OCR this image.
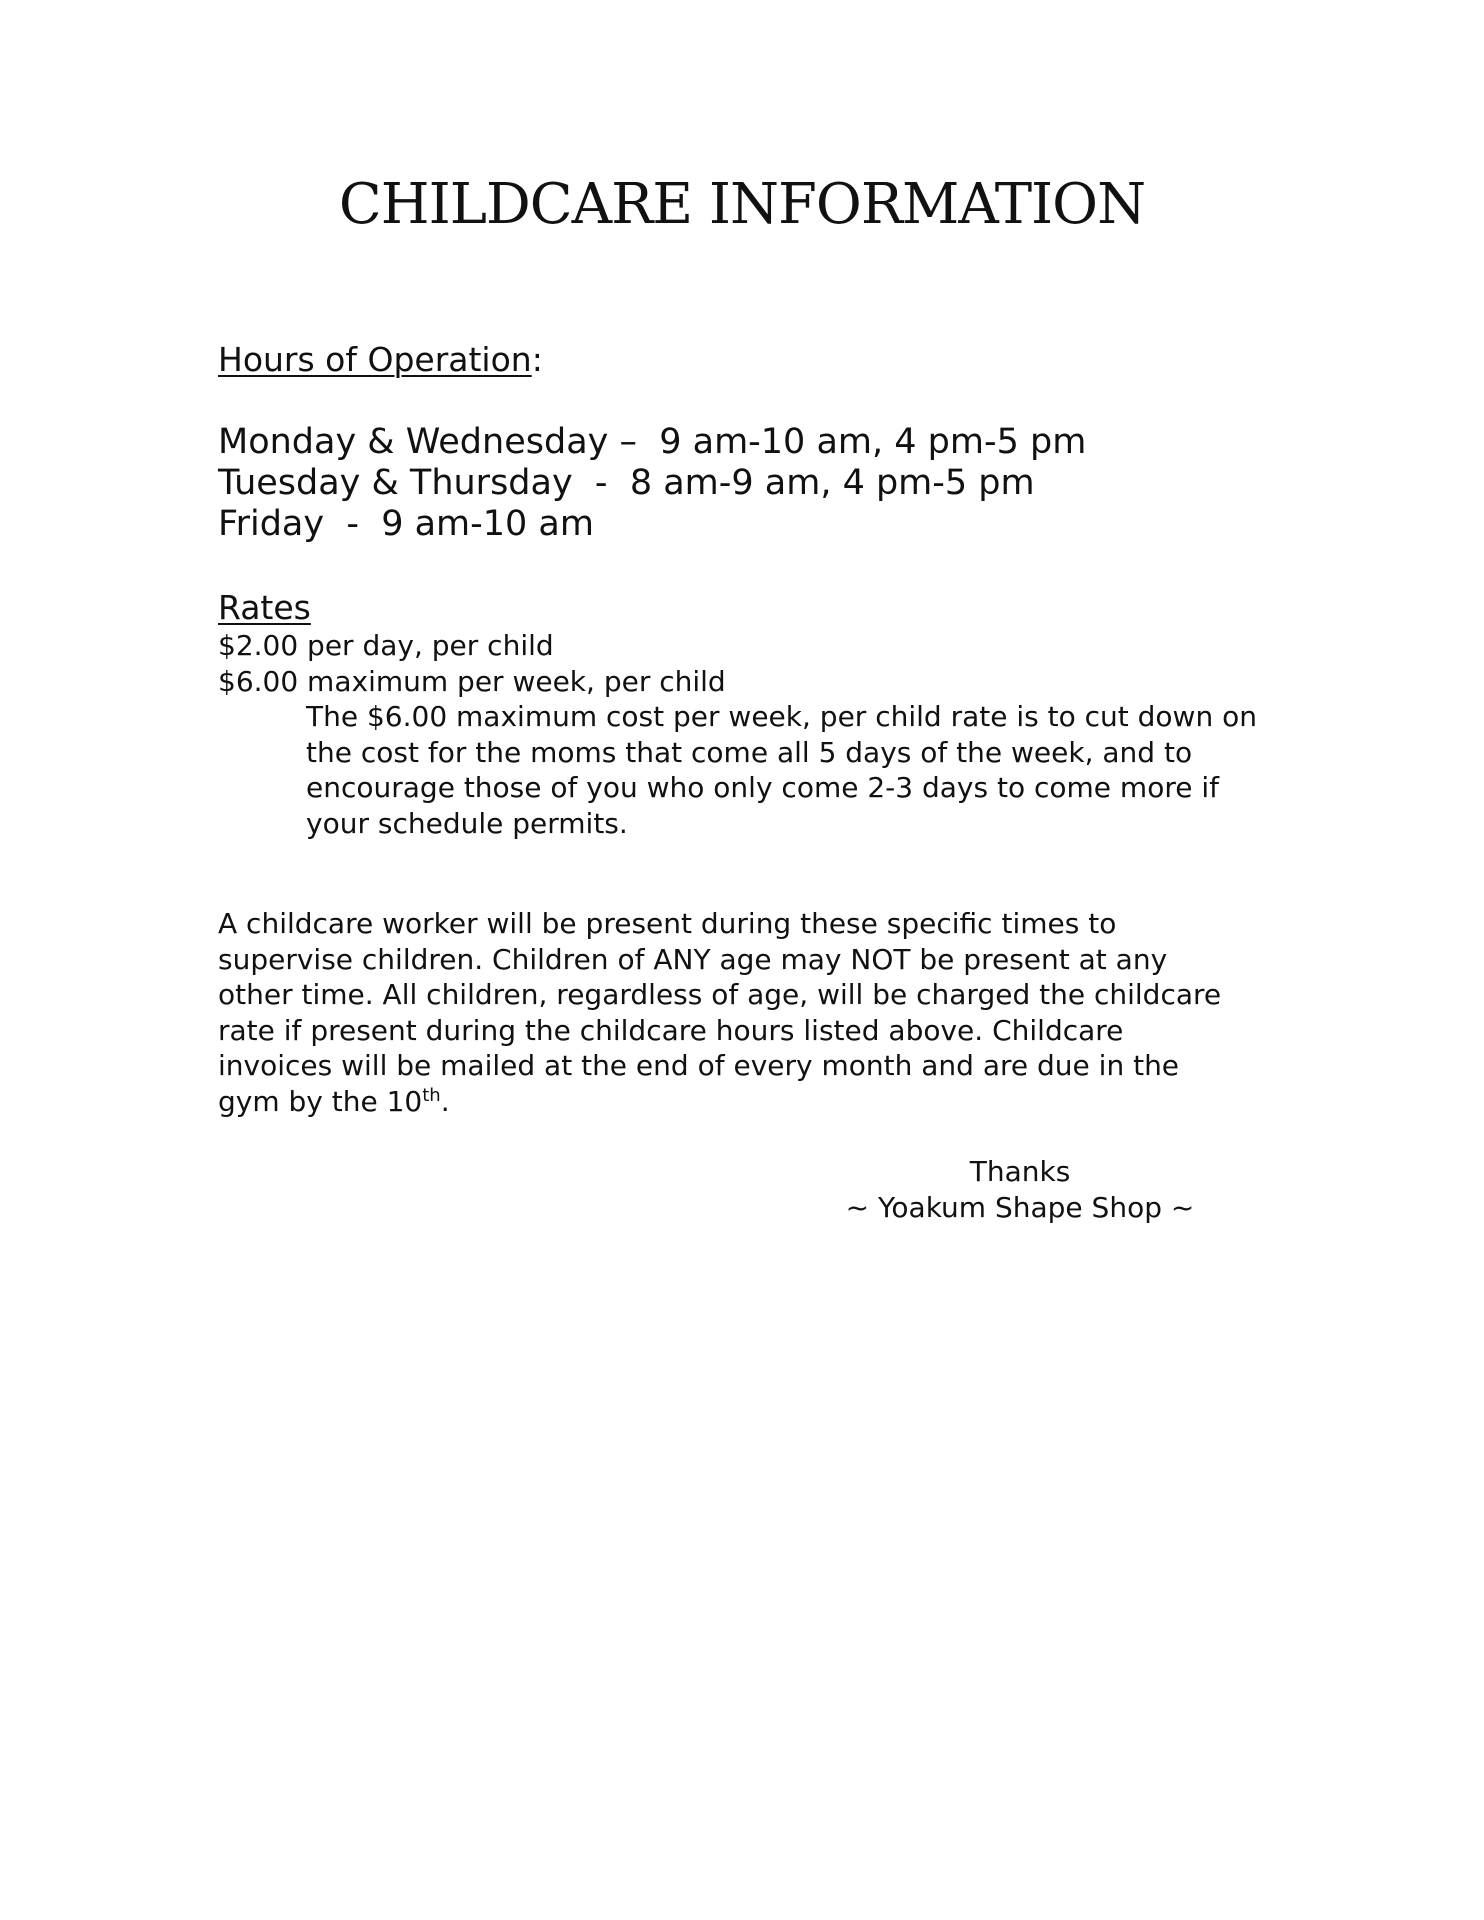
CHILDCARE INFORMATION

Hours of Operation:

Monday & Wednesday –  9 am-10 am, 4 pm-5 pm

Tuesday & Thursday  -  8 am-9 am, 4 pm-5 pm

Friday  -  9 am-10 am

Rates

$2.00 per day, per child

$6.00 maximum per week, per child

The $6.00 maximum cost per week, per child rate is to cut down on the cost for the moms that come all 5 days of the week, and to encourage those of you who only come 2-3 days to come more if your schedule permits.

A childcare worker will be present during these specific times to supervise children. Children of ANY age may NOT be present at any other time. All children, regardless of age, will be charged the childcare rate if present during the childcare hours listed above. Childcare invoices will be mailed at the end of every month and are due in the gym by the 10th.

Thanks

~ Yoakum Shape Shop ~
